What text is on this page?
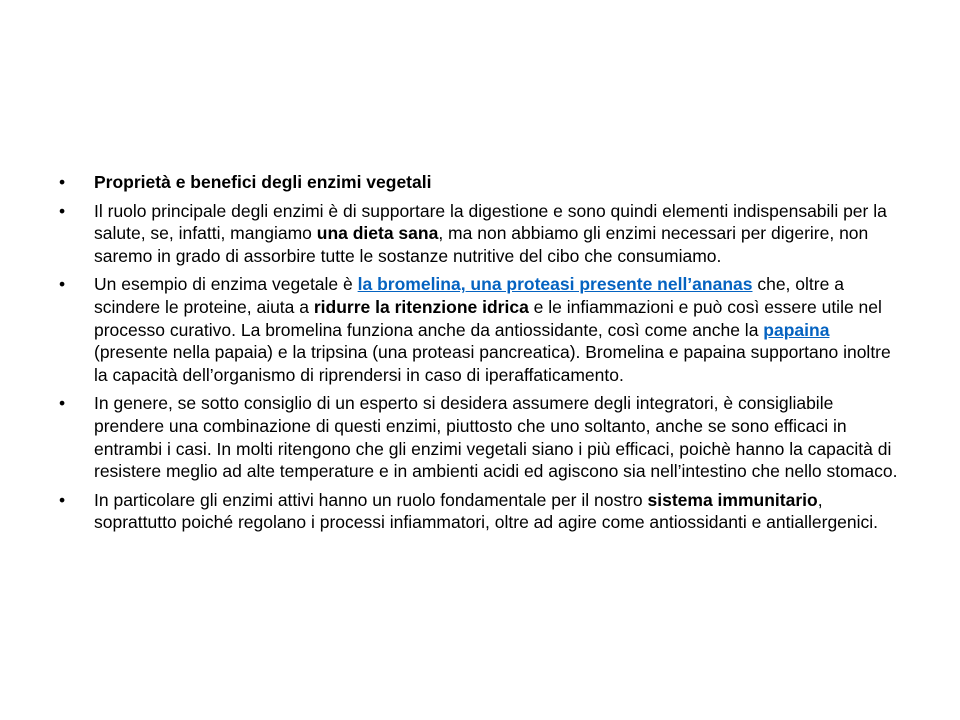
•	Proprietà e benefici degli enzimi vegetali
•	Il ruolo principale degli enzimi è di supportare la digestione e sono quindi elementi indispensabili per la salute, se, infatti, mangiamo una dieta sana, ma non abbiamo gli enzimi necessari per digerire, non saremo in grado di assorbire tutte le sostanze nutritive del cibo che consumiamo.
•	Un esempio di enzima vegetale è la bromelina, una proteasi presente nell’ananas che, oltre a scindere le proteine, aiuta a ridurre la ritenzione idrica e le infiammazioni e può così essere utile nel processo curativo. La bromelina funziona anche da antiossidante, così come anche la papaina (presente nella papaia) e la tripsina (una proteasi pancreatica). Bromelina e papaina supportano inoltre la capacità dell’organismo di riprendersi in caso di iperaffaticamento.
•	In genere, se sotto consiglio di un esperto si desidera assumere degli integratori, è consigliabile prendere una combinazione di questi enzimi, piuttosto che uno soltanto, anche se sono efficaci in entrambi i casi. In molti ritengono che gli enzimi vegetali siano i più efficaci, poichè hanno la capacità di resistere meglio ad alte temperature e in ambienti acidi ed agiscono sia nell’intestino che nello stomaco.
•	In particolare gli enzimi attivi hanno un ruolo fondamentale per il nostro sistema immunitario, soprattutto poiché regolano i processi infiammatori, oltre ad agire come antiossidanti e antiallergenici.
